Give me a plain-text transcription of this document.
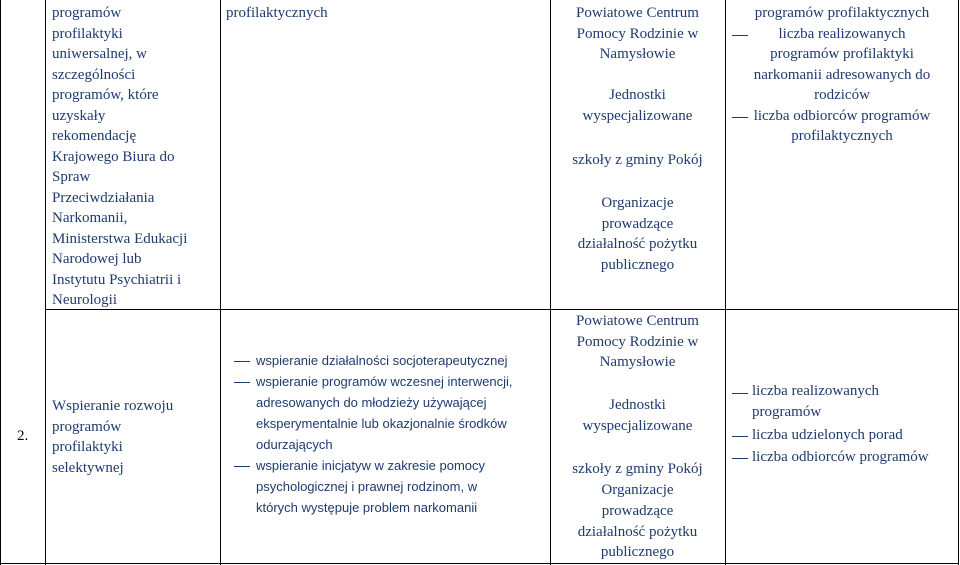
2.
programów
profilaktyki
uniwersalnej, w
szczególności
programów, które
uzyskały
rekomendację
Krajowego Biura do
Spraw
Przeciwdziałania
Narkomanii,
Ministerstwa Edukacji
Narodowej lub
Instytutu Psychiatrii i
Neurologii
Wspieranie rozwoju
programów
profilaktyki
selektywnej
profilaktycznych
wspieranie działalności socjoterapeutycznej
wspieranie programów wczesnej interwencji,
adresowanych do młodzieży używającej
eksperymentalnie lub okazjonalnie środków
odurzających
wspieranie inicjatyw w zakresie pomocy
psychologicznej i prawnej rodzinom, w
których występuje problem narkomanii
Powiatowe Centrum
Pomocy Rodzinie w
Namysłowie
Jednostki
wyspecjalizowane
szkoły z gminy Pokój
Organizacje
prowadzące
działalność pożytku
publicznego
Powiatowe Centrum
Pomocy Rodzinie w
Namysłowie
Jednostki
wyspecjalizowane
szkoły z gminy Pokój
Organizacje
prowadzące
działalność pożytku
publicznego
programów profilaktycznych
liczba realizowanych
programów profilaktyki
narkomanii adresowanych do
rodziców
liczba odbiorców programów
profilaktycznych
liczba realizowanych
programów
liczba udzielonych porad
liczba odbiorców programów
